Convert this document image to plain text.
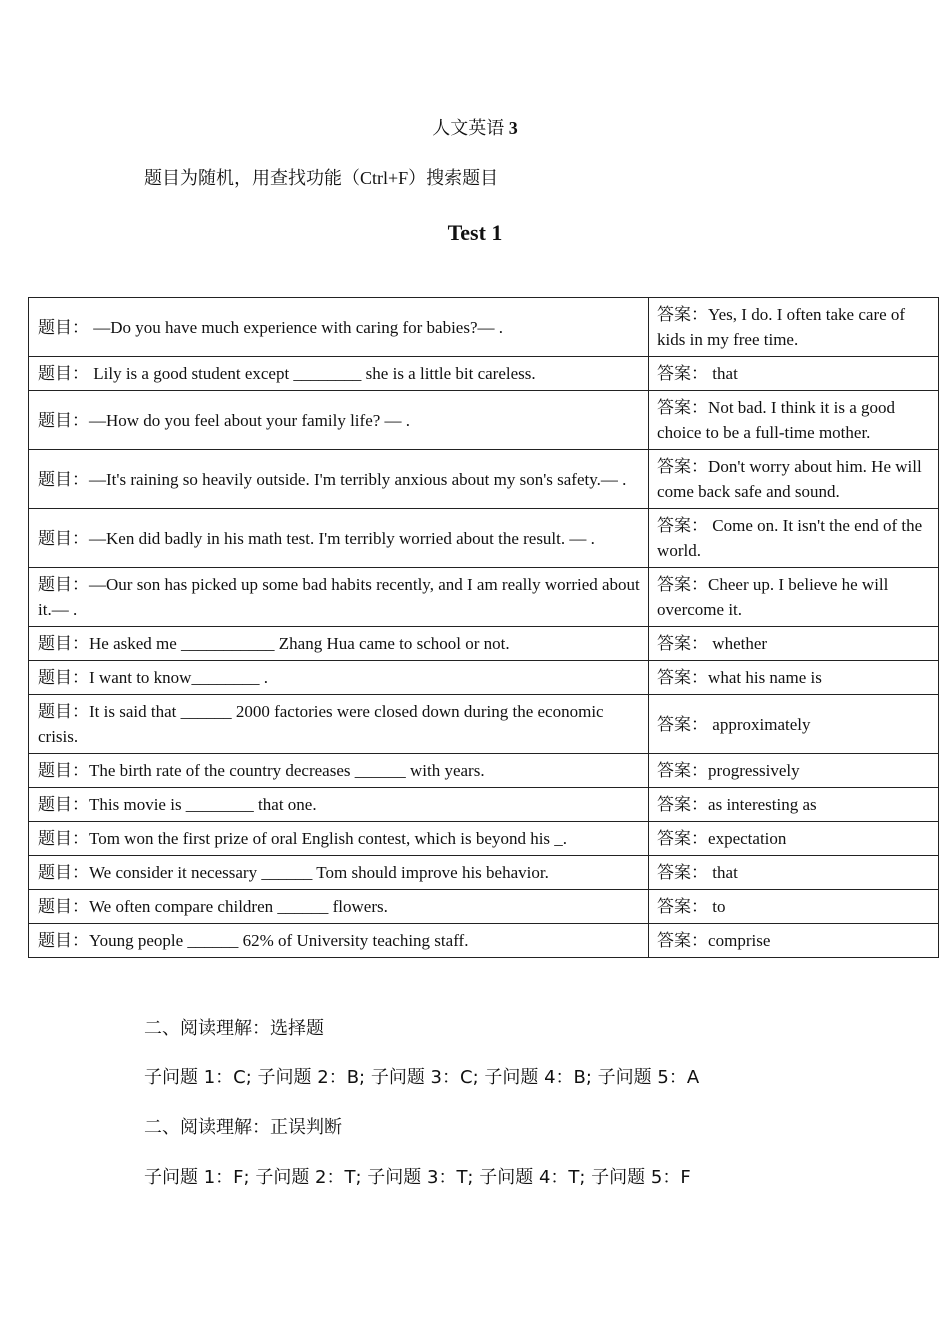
人文英语 3
题目为随机，用查找功能（Ctrl+F）搜索题目
Test 1
题目： —Do you have much experience with caring for babies?— .	答案：Yes, I do. I often take care of kids in my free time.
题目： Lily is a good student except ________ she is a little bit careless.	答案： that
题目：—How do you feel about your family life? — .	答案：Not bad. I think it is a good choice to be a full-time mother.
题目：—It's raining so heavily outside. I'm terribly anxious about my son's safety.— .	答案：Don't worry about him. He will come back safe and sound.
题目：—Ken did badly in his math test. I'm terribly worried about the result. — .	答案： Come on. It isn't the end of the world.
题目：—Our son has picked up some bad habits recently, and I am really worried about it.— .	答案：Cheer up. I believe he will overcome it.
题目：He asked me ___________ Zhang Hua came to school or not.	答案： whether
题目：I want to know________ .	答案：what his name is
题目：It is said that ______ 2000 factories were closed down during the economic crisis.	答案： approximately
题目：The birth rate of the country decreases ______ with years.	答案：progressively
题目：This movie is ________ that one.	答案：as interesting as
题目：Tom won the first prize of oral English contest, which is beyond his _.	答案：expectation
题目：We consider it necessary ______ Tom should improve his behavior.	答案： that
题目：We often compare children ______ flowers.	答案： to
题目：Young people ______ 62% of University teaching staff.	答案：comprise
二、阅读理解：选择题
子问题 1：C; 子问题 2：B; 子问题 3：C; 子问题 4：B; 子问题 5：A
二、阅读理解：正误判断
子问题 1：F; 子问题 2：T; 子问题 3：T; 子问题 4：T; 子问题 5：F
